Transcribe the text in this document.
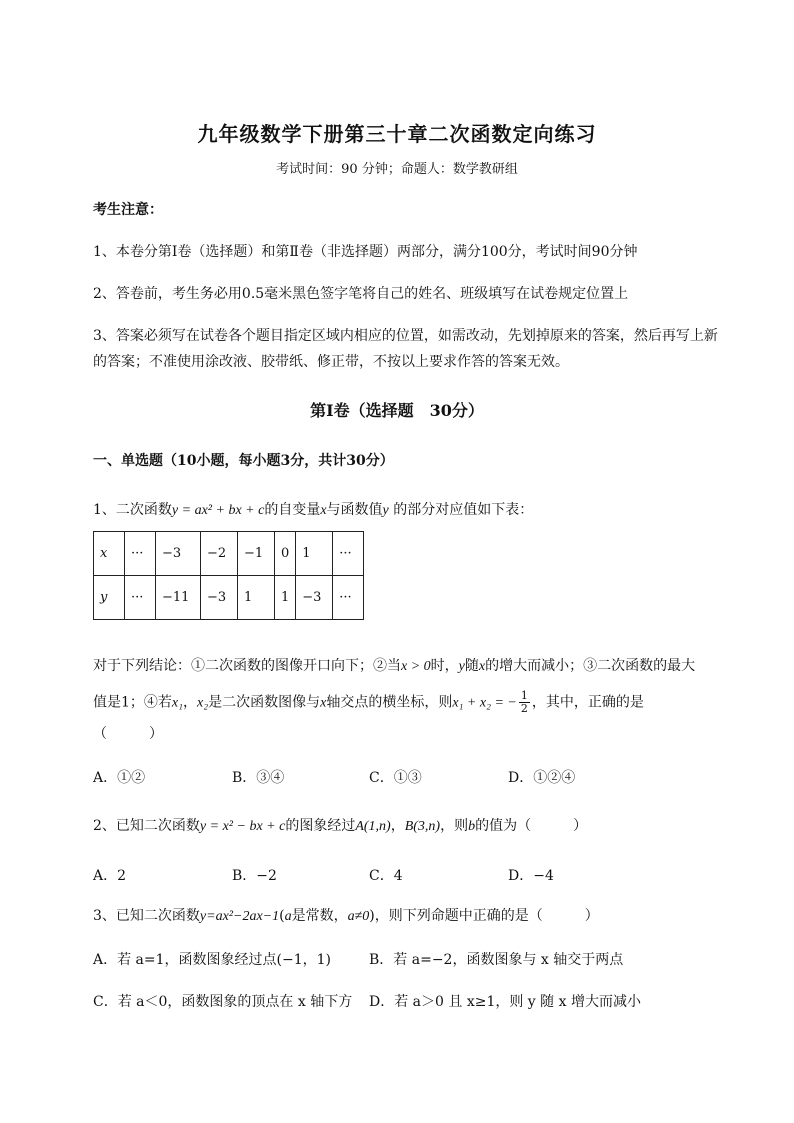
九年级数学下册第三十章二次函数定向练习
考试时间：90 分钟；命题人：数学教研组
考生注意：
1、本卷分第Ⅰ卷（选择题）和第Ⅱ卷（非选择题）两部分，满分100分，考试时间90分钟
2、答卷前，考生务必用0.5毫米黑色签字笔将自己的姓名、班级填写在试卷规定位置上
3、答案必须写在试卷各个题目指定区域内相应的位置，如需改动，先划掉原来的答案，然后再写上新
的答案；不准使用涂改液、胶带纸、修正带，不按以上要求作答的答案无效。
第Ⅰ卷（选择题　30分）
一、单选题（10小题，每小题3分，共计30分）
1、二次函数y = ax² + bx + c的自变量x与函数值y 的部分对应值如下表：
x	···	−3	−2	−1	0	1	···
y	···	−11	−3	1	1	−3	···
对于下列结论：①二次函数的图像开口向下；②当x > 0时，y随x的增大而减小；③二次函数的最大
值是1；④若x₁，x₂是二次函数图像与x轴交点的横坐标，则x₁ + x₂ = − $\frac{1}{2}$ ，其中，正确的是
（　　　）
A．①②	B．③④	C．①③	D．①②④
2、已知二次函数y = x² − bx + c的图象经过A(1,n)，B(3,n)，则b的值为（　　　）
A．2	B．−2	C．4	D．−4
3、已知二次函数y=ax²−2ax−1(a是常数，a≠0)，则下列命题中正确的是（　　　）
A．若 a=1，函数图象经过点(−1，1)	B．若 a=−2，函数图象与 x 轴交于两点
C．若 a＜0，函数图象的顶点在 x 轴下方 D．若 a＞0 且 x≥1，则 y 随 x 增大而减小
